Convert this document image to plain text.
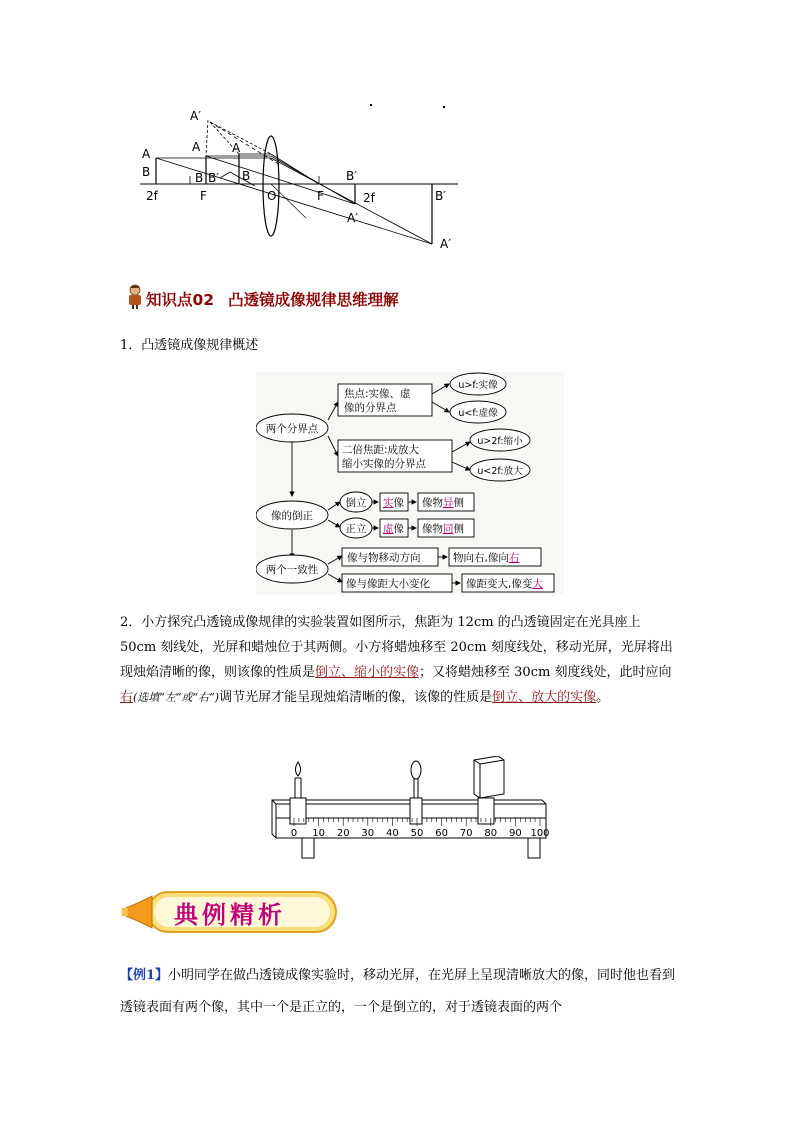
A′
A	A	A
B	B B′ B
2f	F	O	F
B′
2f
A′
B′
A′
知识点02 凸透镜成像规律思维理解
1．凸透镜成像规律概述
两个分界点
焦点:实像、虚
像的分界点
u>f:实像
u<f:虚像
二倍焦距:成放大
缩小实像的分界点
u>2f:缩小
u<2f:放大
像的倒正
倒立 实像 像物异侧
正立 虚像 像物同侧
两个一致性
像与物移动方向	物向右,像向右
像与像距大小变化	像距变大,像变大
2．小方探究凸透镜成像规律的实验装置如图所示，焦距为 12cm 的凸透镜固定在光具座上 50cm 刻线处，光屏和蜡烛位于其两侧。小方将蜡烛移至 20cm 刻度线处，移动光屏，光屏将出现烛焰清晰的像，则该像的性质是倒立、缩小的实像；又将蜡烛移至 30cm 刻度线处，此时应向右(选填“左”或“右”)调节光屏才能呈现烛焰清晰的像，该像的性质是倒立、放大的实像。
0 10 20 30 40 50 60 70 80 90 100
典例精析
【例1】小明同学在做凸透镜成像实验时，移动光屏，在光屏上呈现清晰放大的像，同时他也看到透镜表面有两个像，其中一个是正立的，一个是倒立的，对于透镜表面的两个
